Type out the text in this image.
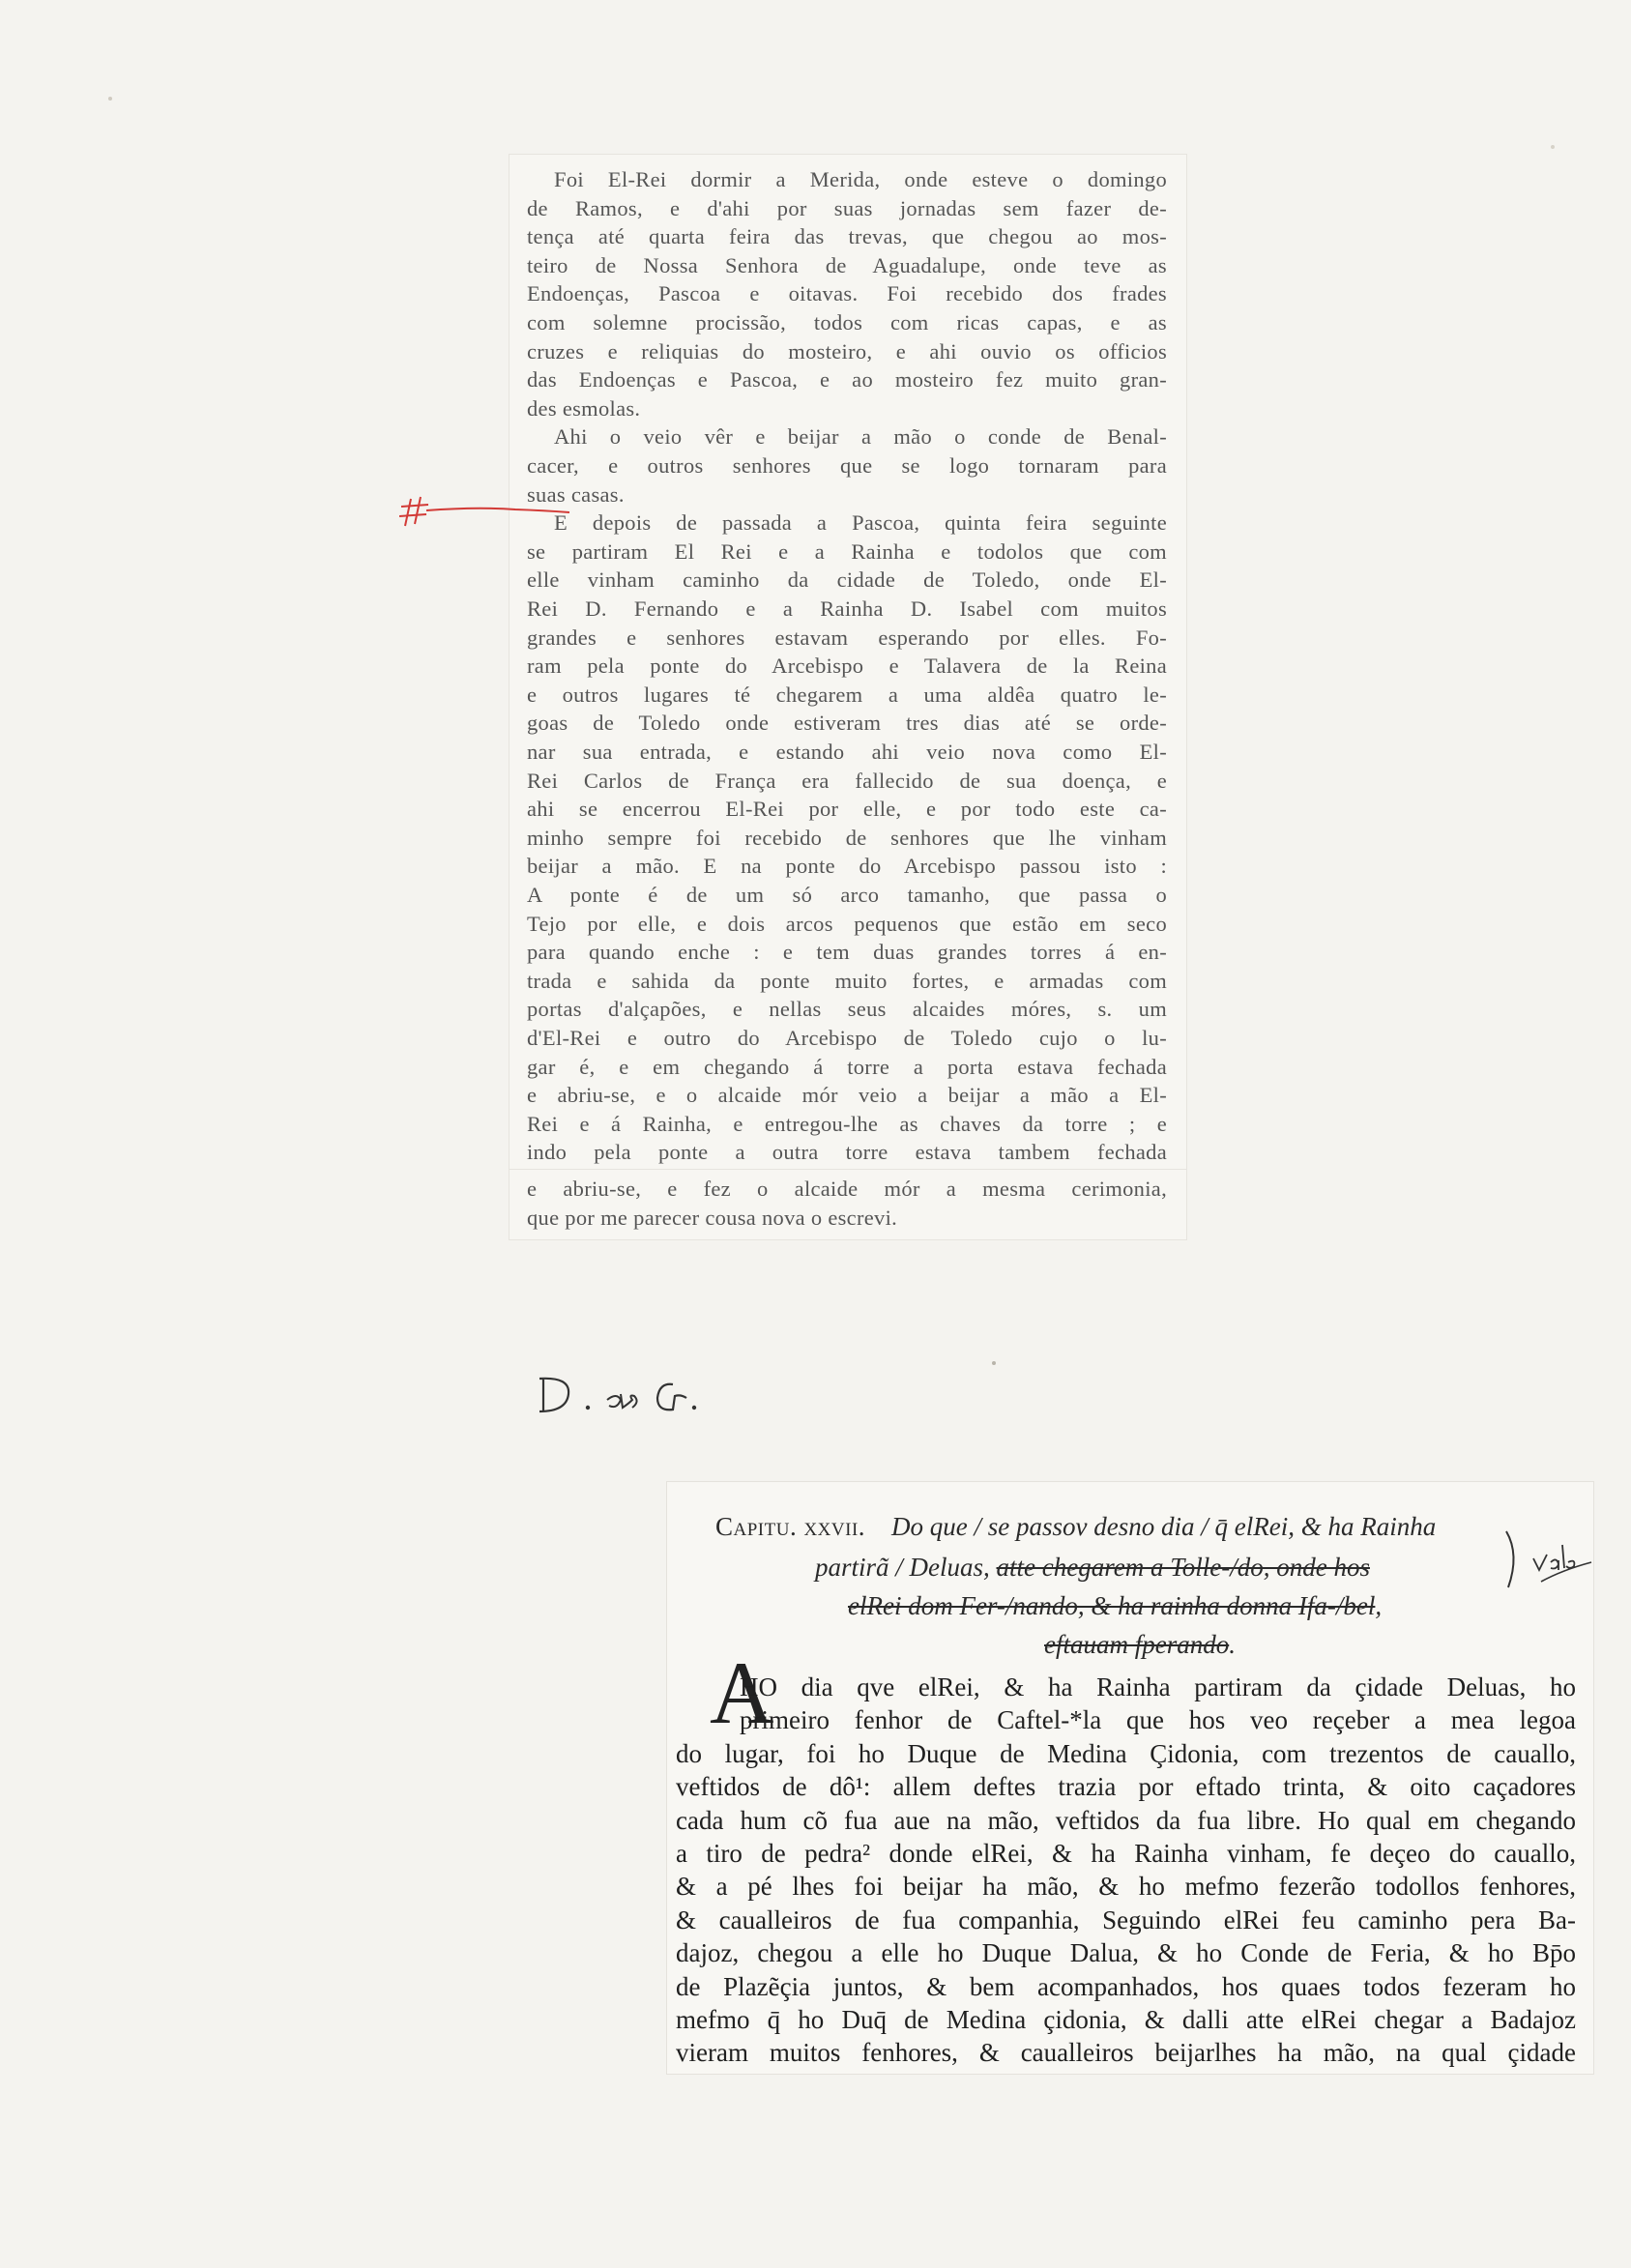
Foi El-Rei dormir a Merida, onde esteve o domingo
de Ramos, e d'ahi por suas jornadas sem fazer de-
tença até quarta feira das trevas, que chegou ao mos-
teiro de Nossa Senhora de Aguadalupe, onde teve as
Endoenças, Pascoa e oitavas. Foi recebido dos frades
com solemne procissão, todos com ricas capas, e as
cruzes e reliquias do mosteiro, e ahi ouvio os officios
das Endoenças e Pascoa, e ao mosteiro fez muito gran-
des esmolas.
Ahi o veio vêr e beijar a mão o conde de Benal-
cacer, e outros senhores que se logo tornaram para
suas casas.
E depois de passada a Pascoa, quinta feira seguinte
se partiram El Rei e a Rainha e todolos que com
elle vinham caminho da cidade de Toledo, onde El-
Rei D. Fernando e a Rainha D. Isabel com muitos
grandes e senhores estavam esperando por elles. Fo-
ram pela ponte do Arcebispo e Talavera de la Reina
e outros lugares té chegarem a uma aldêa quatro le-
goas de Toledo onde estiveram tres dias até se orde-
nar sua entrada, e estando ahi veio nova como El-
Rei Carlos de França era fallecido de sua doença, e
ahi se encerrou El-Rei por elle, e por todo este ca-
minho sempre foi recebido de senhores que lhe vinham
beijar a mão. E na ponte do Arcebispo passou isto :
A ponte é de um só arco tamanho, que passa o
Tejo por elle, e dois arcos pequenos que estão em seco
para quando enche : e tem duas grandes torres á en-
trada e sahida da ponte muito fortes, e armadas com
portas d'alçapões, e nellas seus alcaides móres, s. um
d'El-Rei e outro do Arcebispo de Toledo cujo o lu-
gar é, e em chegando á torre a porta estava fechada
e abriu-se, e o alcaide mór veio a beijar a mão a El-
Rei e á Rainha, e entregou-lhe as chaves da torre ; e
indo pela ponte a outra torre estava tambem fechada
e abriu-se, e fez o alcaide mór a mesma cerimonia,
que por me parecer cousa nova o escrevi.
Capitu. xxvii. Do que / se passov desno dia / q̄ elRei, & ha Rainha
partirã / Deluas, atte chegarem a Tolle-/do, onde hos
elRei dom Fer-/nando, & ha rainha donna Ifa-/bel,
eftauam fperando.
A
HO dia qve elRei, & ha Rainha partiram da çidade Deluas, ho
primeiro fenhor de Caftel-*la que hos veo reçeber a mea legoa
do lugar, foi ho Duque de Medina Çidonia, com trezentos de cauallo,
veftidos de dô¹: allem deftes trazia por eftado trinta, & oito caçadores
cada hum cõ fua aue na mão, veftidos da fua libre. Ho qual em chegando
a tiro de pedra² donde elRei, & ha Rainha vinham, fe deçeo do cauallo,
& a pé lhes foi beijar ha mão, & ho mefmo fezerão todollos fenhores,
& caualleiros de fua companhia, Seguindo elRei feu caminho pera Ba-
dajoz, chegou a elle ho Duque Dalua, & ho Conde de Feria, & ho Bp̄o
de Plazẽçia juntos, & bem acompanhados, hos quaes todos fezeram ho
mefmo q̄ ho Duq̄ de Medina çidonia, & dalli atte elRei chegar a Badajoz
vieram muitos fenhores, & caualleiros beijarlhes ha mão, na qual çidade
